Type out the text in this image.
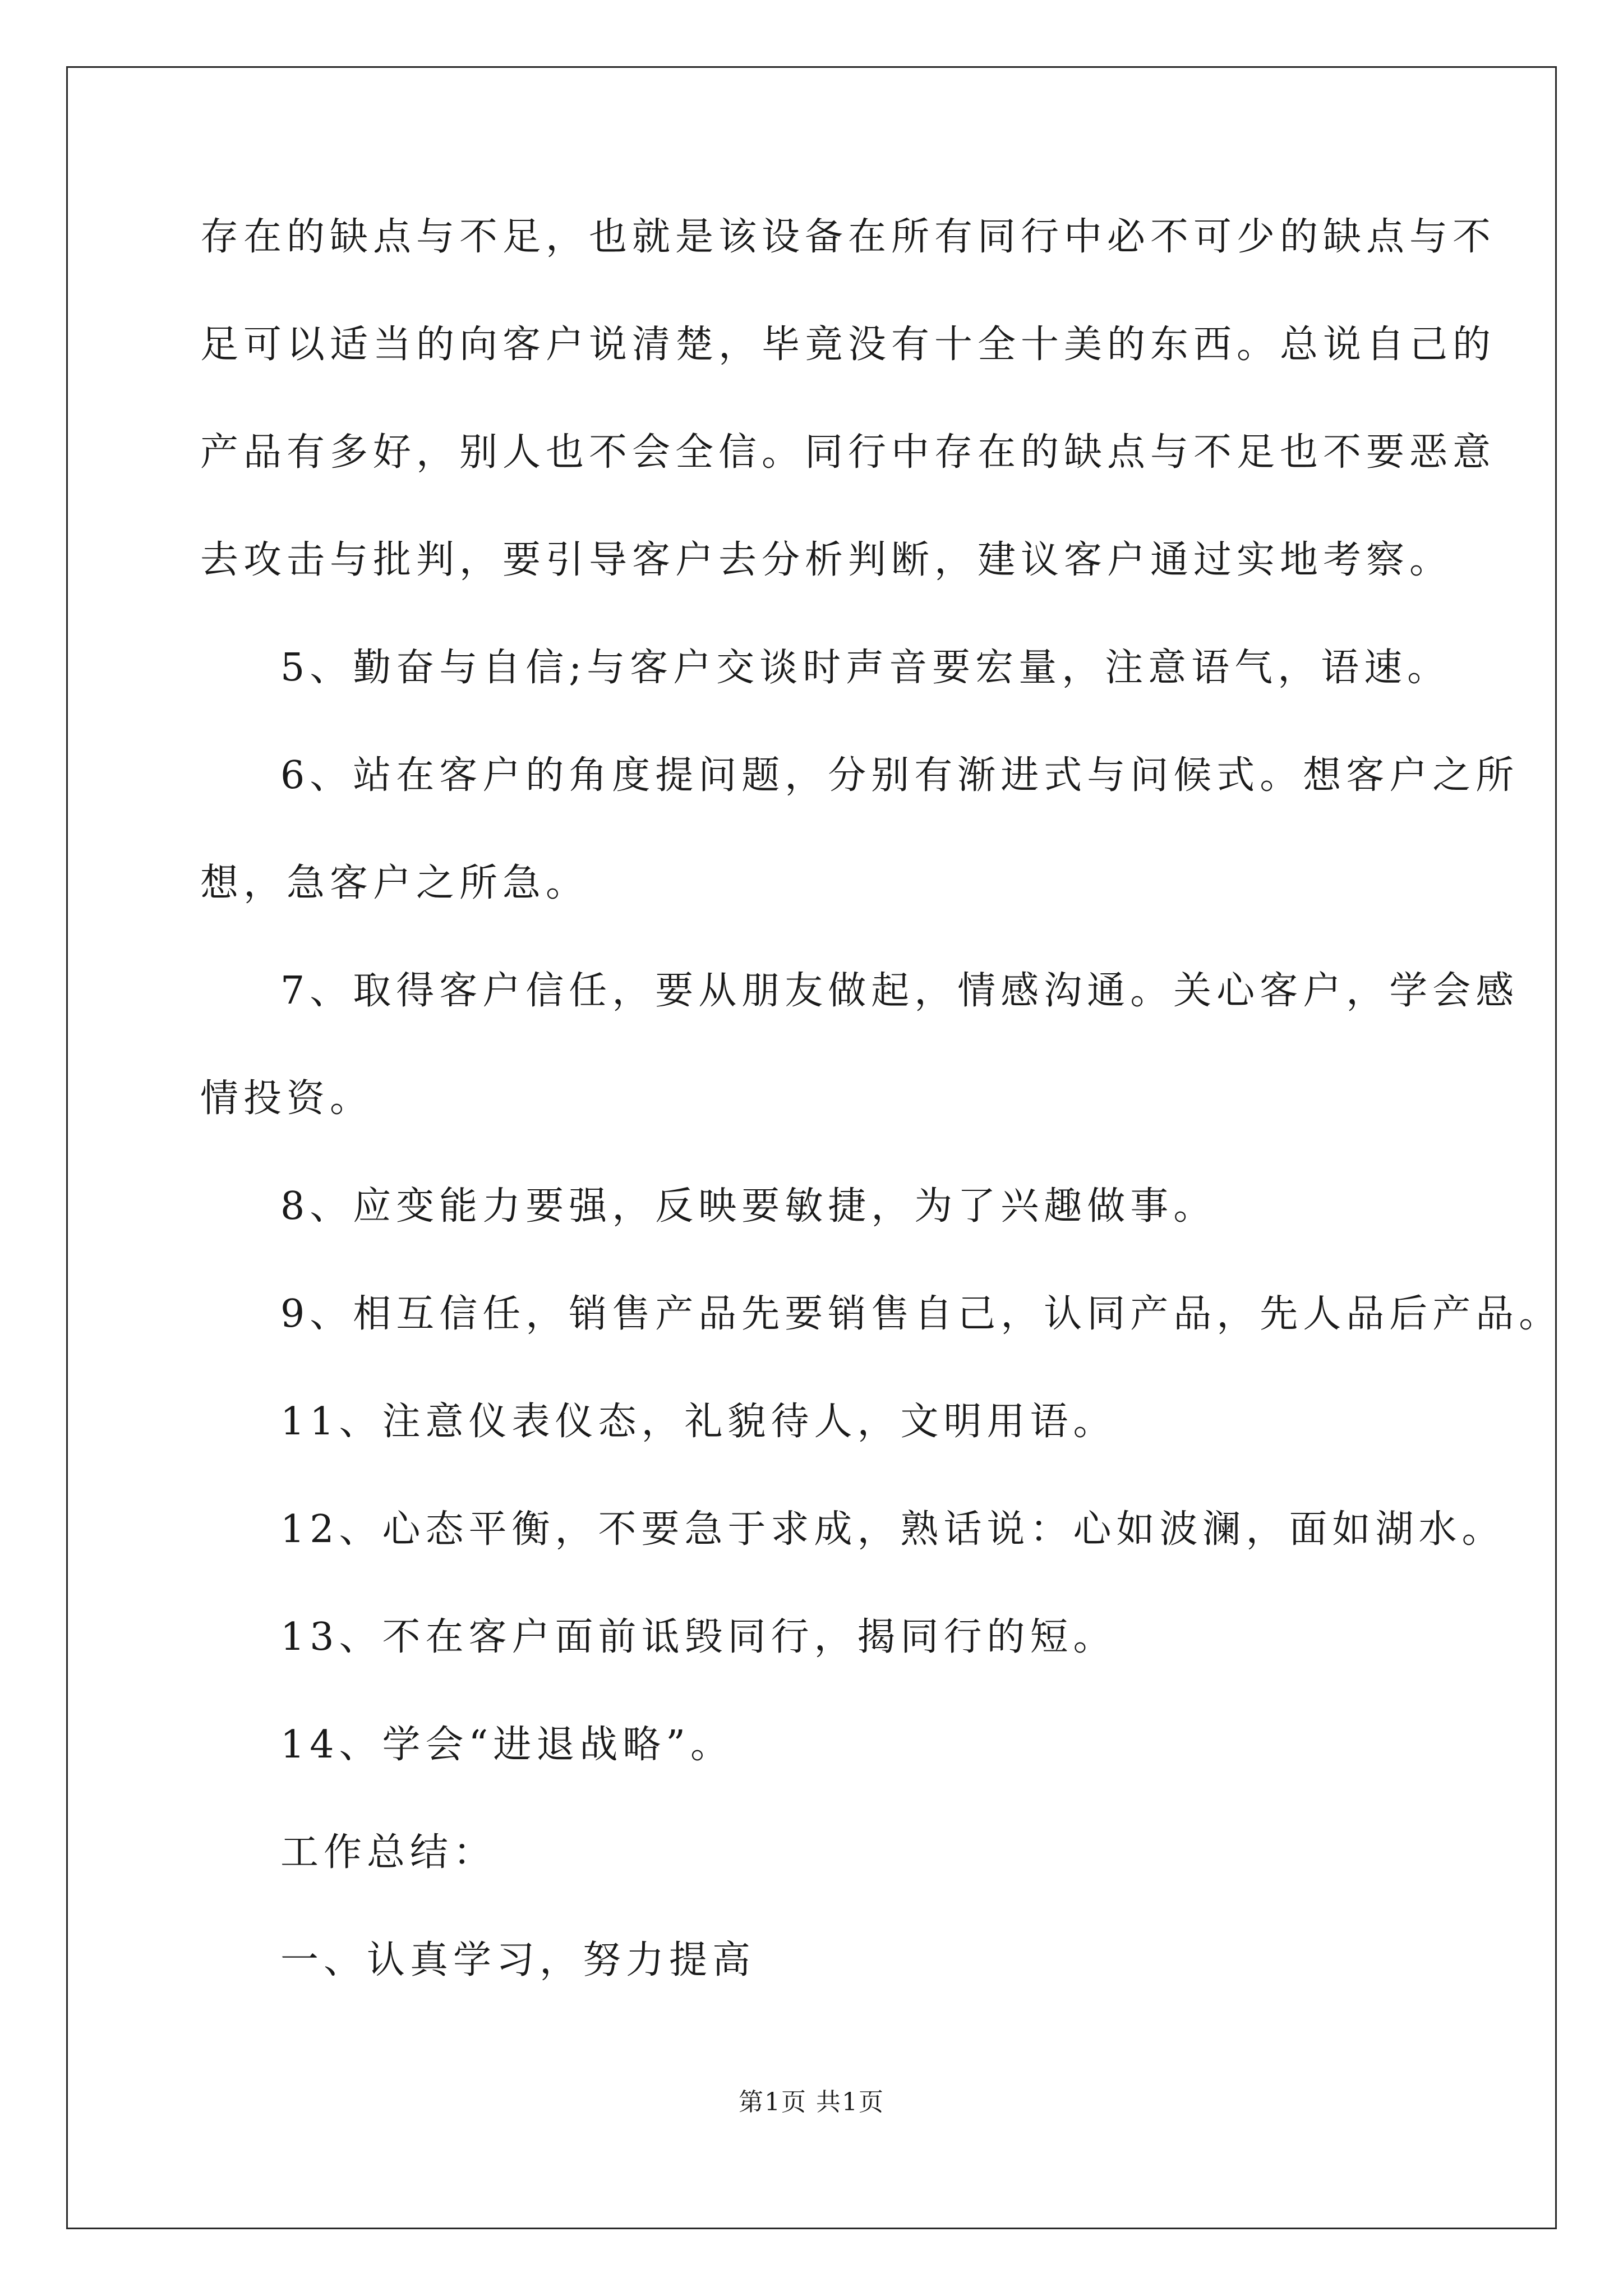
存在的缺点与不足，也就是该设备在所有同行中必不可少的缺点与不
足可以适当的向客户说清楚，毕竟没有十全十美的东西。总说自己的
产品有多好，别人也不会全信。同行中存在的缺点与不足也不要恶意
去攻击与批判，要引导客户去分析判断，建议客户通过实地考察。
5、勤奋与自信;与客户交谈时声音要宏量，注意语气，语速。
6、站在客户的角度提问题，分别有渐进式与问候式。想客户之所
想，急客户之所急。
7、取得客户信任，要从朋友做起，情感沟通。关心客户，学会感
情投资。
8、应变能力要强，反映要敏捷，为了兴趣做事。
9、相互信任，销售产品先要销售自己，认同产品，先人品后产品。
11、注意仪表仪态，礼貌待人，文明用语。
12、心态平衡，不要急于求成，熟话说：心如波澜，面如湖水。
13、不在客户面前诋毁同行，揭同行的短。
14、学会“进退战略”。
工作总结：
一、认真学习，努力提高
第1页 共1页
